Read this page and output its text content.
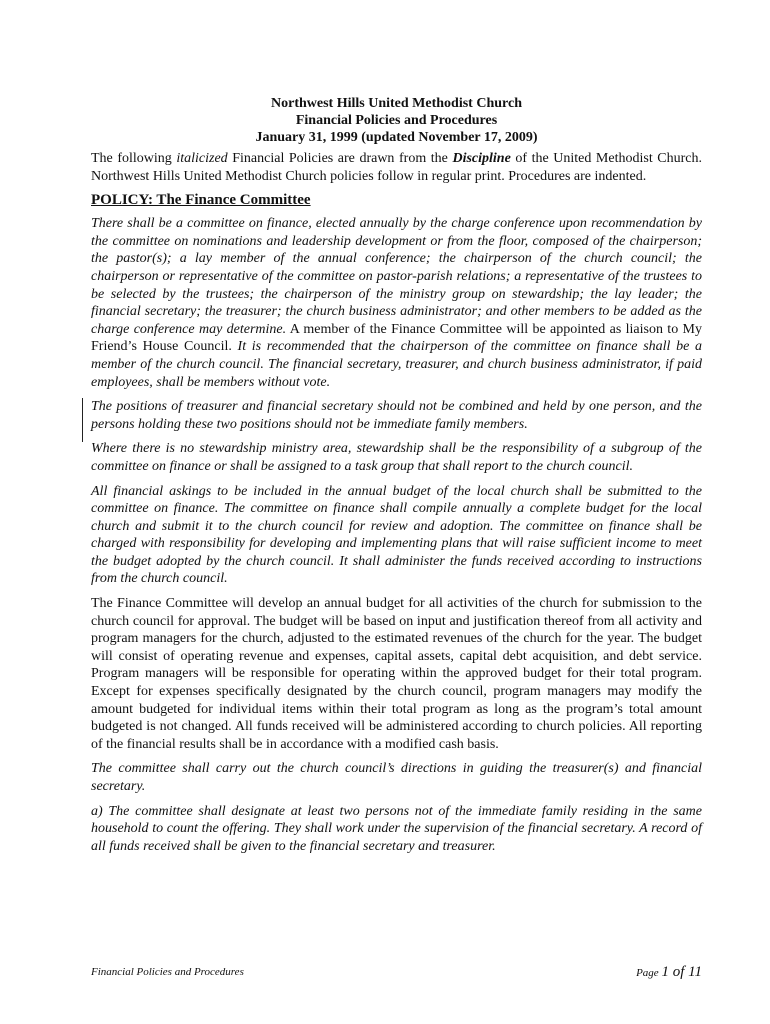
Northwest Hills United Methodist Church
Financial Policies and Procedures
January 31, 1999 (updated November 17, 2009)

The following italicized Financial Policies are drawn from the Discipline of the United Methodist Church. Northwest Hills United Methodist Church policies follow in regular print. Procedures are indented.

POLICY: The Finance Committee

There shall be a committee on finance, elected annually by the charge conference upon recommendation by the committee on nominations and leadership development or from the floor, composed of the chairperson; the pastor(s); a lay member of the annual conference; the chairperson of the church council; the chairperson or representative of the committee on pastor-parish relations; a representative of the trustees to be selected by the trustees; the chairperson of the ministry group on stewardship; the lay leader; the financial secretary; the treasurer; the church business administrator; and other members to be added as the charge conference may determine. A member of the Finance Committee will be appointed as liaison to My Friend’s House Council. It is recommended that the chairperson of the committee on finance shall be a member of the church council. The financial secretary, treasurer, and church business administrator, if paid employees, shall be members without vote.

The positions of treasurer and financial secretary should not be combined and held by one person, and the persons holding these two positions should not be immediate family members.

Where there is no stewardship ministry area, stewardship shall be the responsibility of a subgroup of the committee on finance or shall be assigned to a task group that shall report to the church council.

All financial askings to be included in the annual budget of the local church shall be submitted to the committee on finance. The committee on finance shall compile annually a complete budget for the local church and submit it to the church council for review and adoption. The committee on finance shall be charged with responsibility for developing and implementing plans that will raise sufficient income to meet the budget adopted by the church council. It shall administer the funds received according to instructions from the church council.

The Finance Committee will develop an annual budget for all activities of the church for submission to the church council for approval. The budget will be based on input and justification thereof from all activity and program managers for the church, adjusted to the estimated revenues of the church for the year. The budget will consist of operating revenue and expenses, capital assets, capital debt acquisition, and debt service. Program managers will be responsible for operating within the approved budget for their total program. Except for expenses specifically designated by the church council, program managers may modify the amount budgeted for individual items within their total program as long as the program’s total amount budgeted is not changed. All funds received will be administered according to church policies. All reporting of the financial results shall be in accordance with a modified cash basis.

The committee shall carry out the church council’s directions in guiding the treasurer(s) and financial secretary.

a) The committee shall designate at least two persons not of the immediate family residing in the same household to count the offering. They shall work under the supervision of the financial secretary. A record of all funds received shall be given to the financial secretary and treasurer.

Financial Policies and Procedures	Page 1 of 11
